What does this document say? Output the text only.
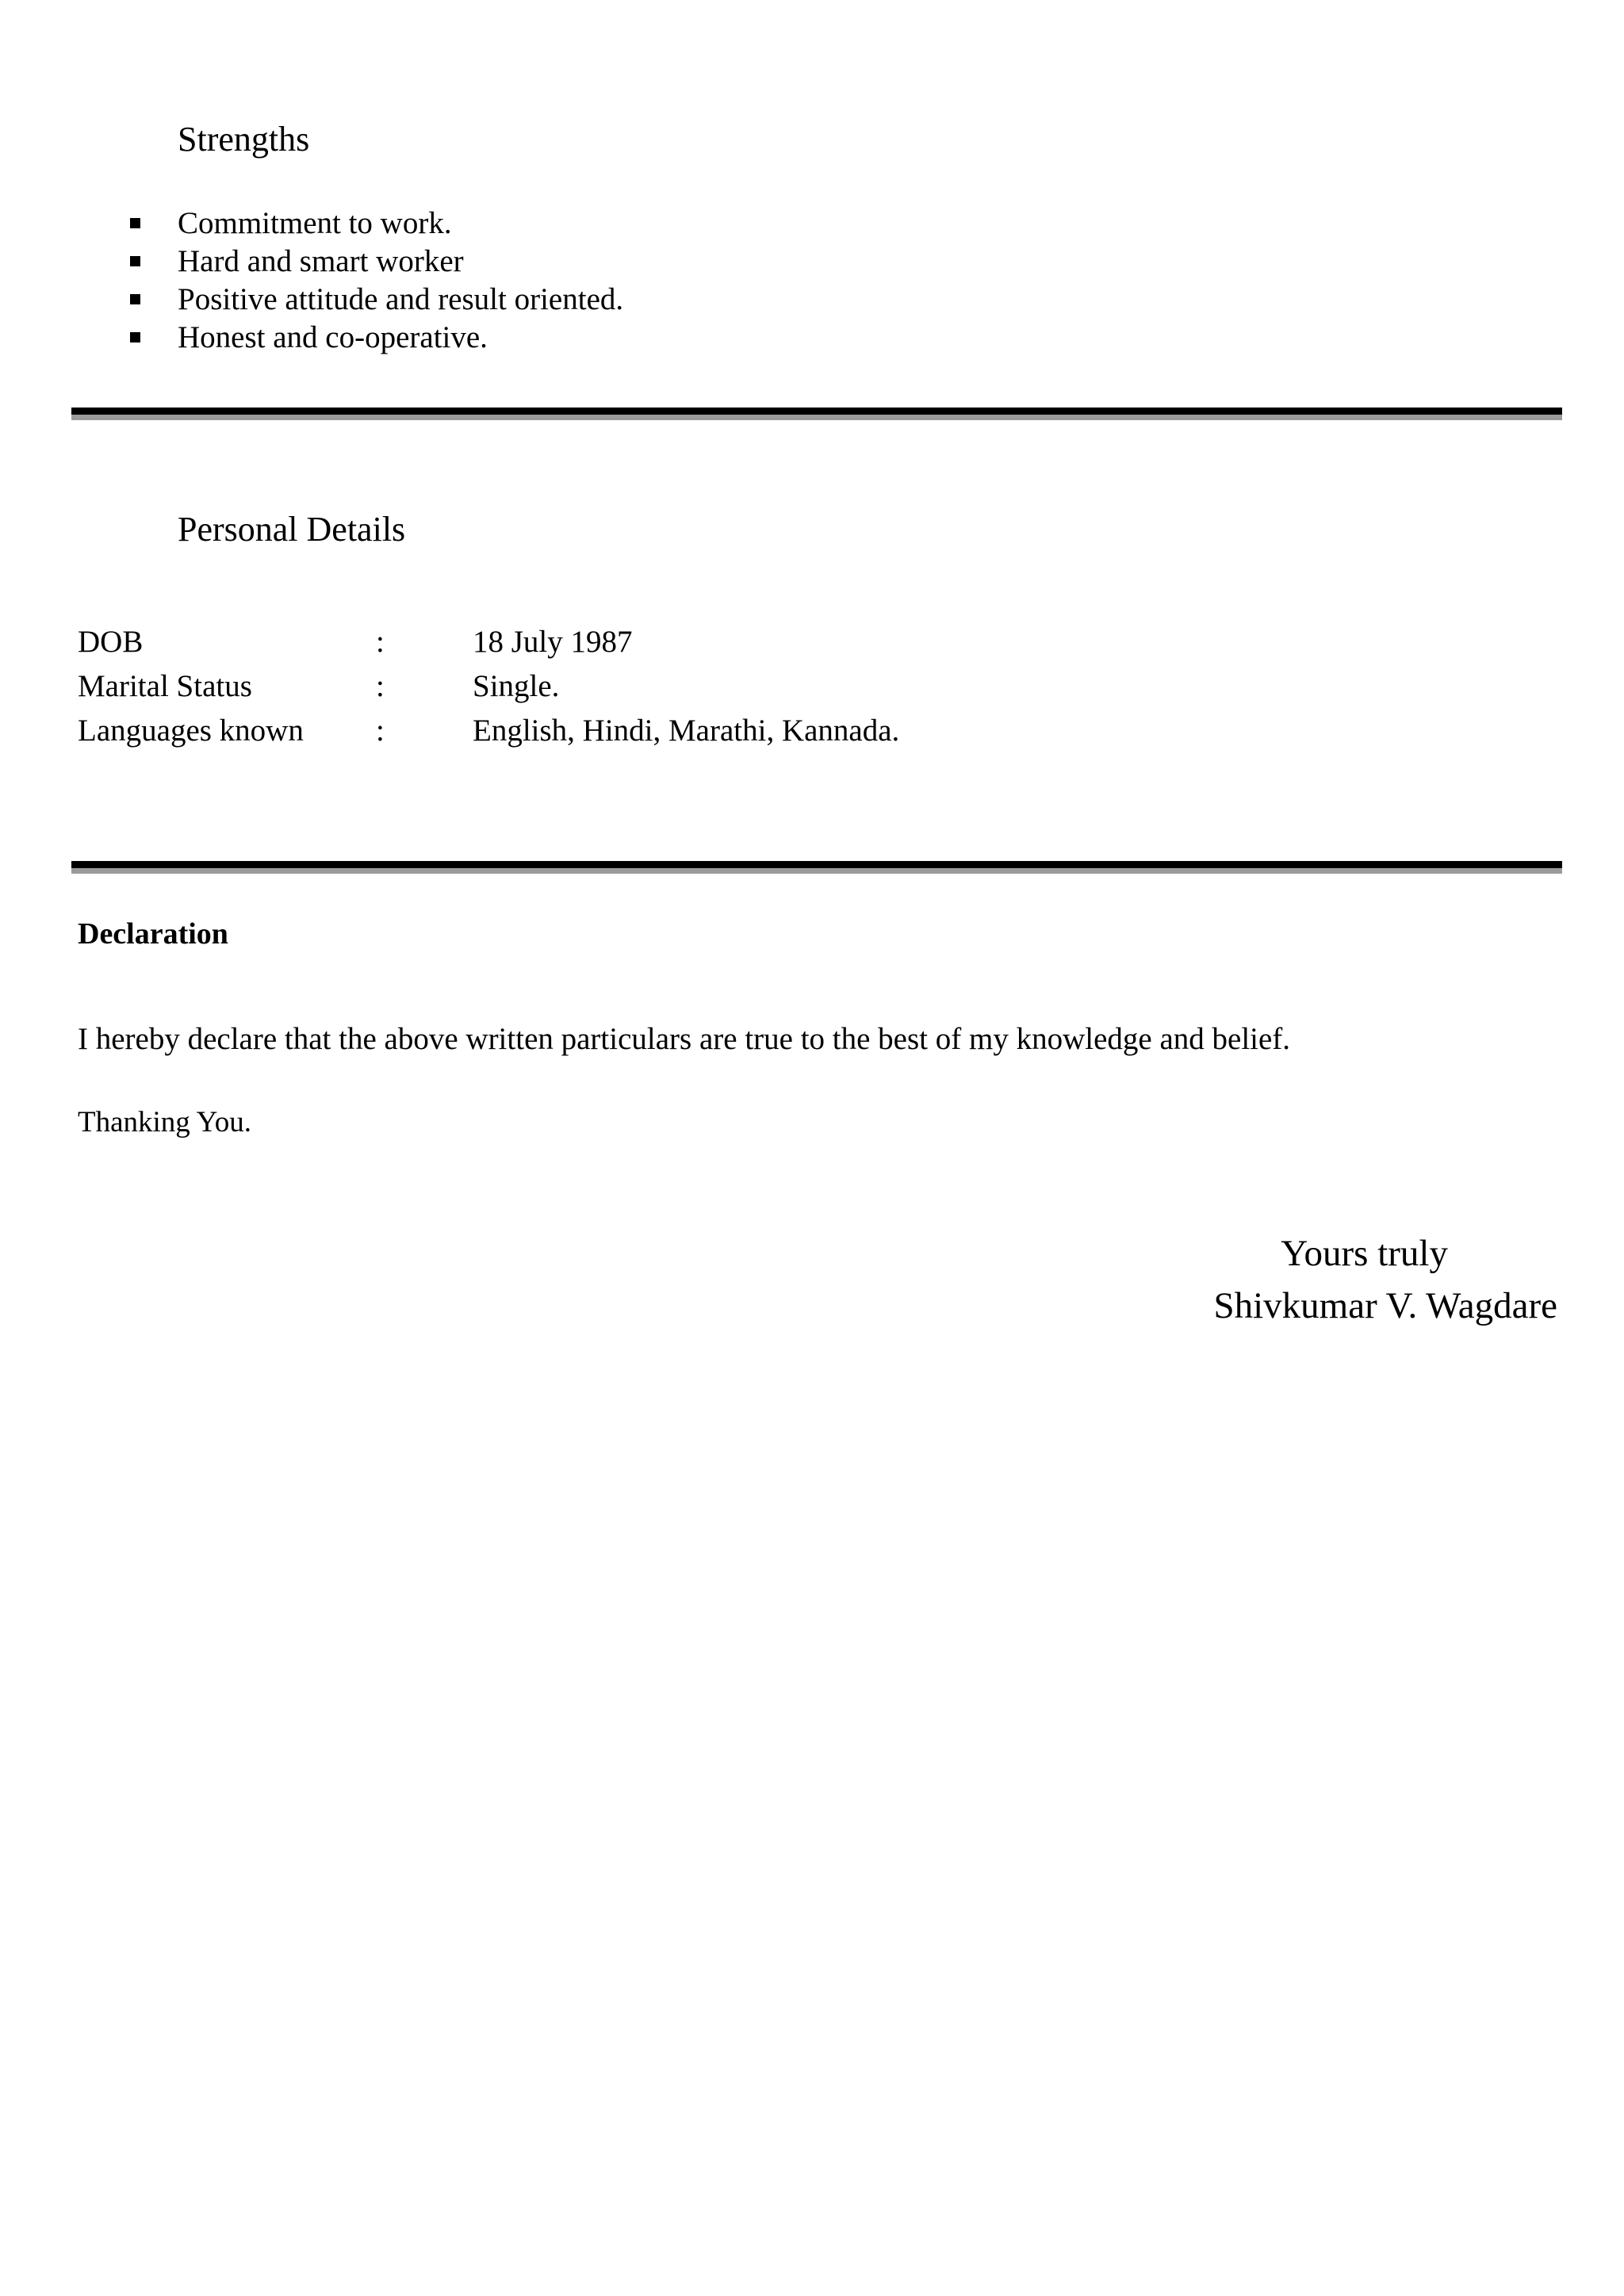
Strengths
Commitment to work.
Hard and smart worker
Positive attitude and result oriented.
Honest and co-operative.
Personal Details
DOB	:	18 July 1987
Marital Status	:	Single.
Languages known	:	English, Hindi, Marathi, Kannada.
Declaration
I hereby declare that the above written particulars are true to the best of my knowledge and belief.
Thanking You.
Yours truly
Shivkumar V. Wagdare
